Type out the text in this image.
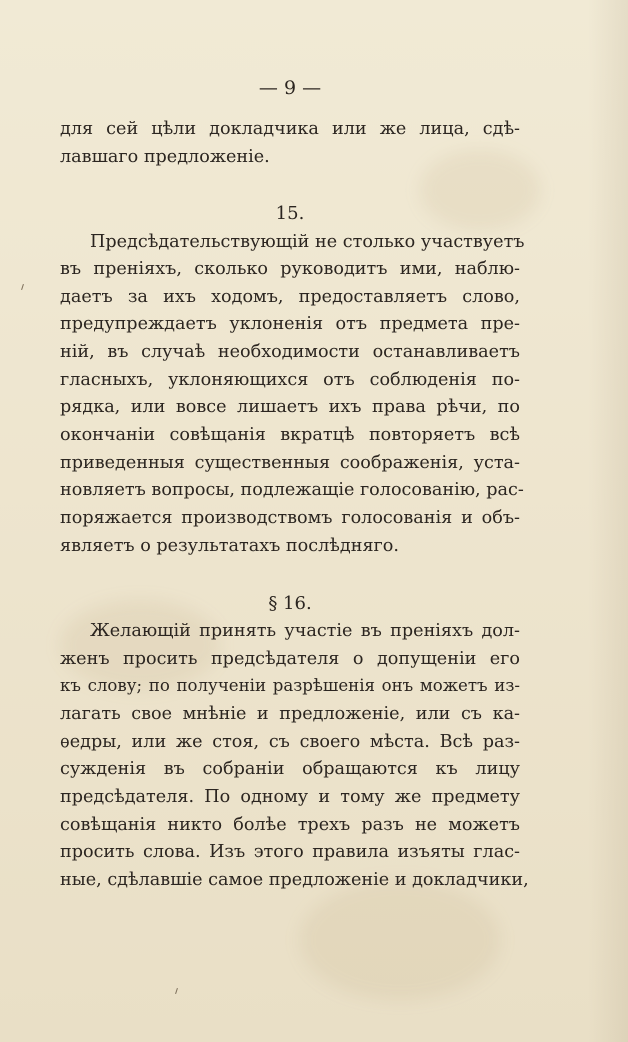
— 9 —
для сей цѣли докладчика или же лица, сдѣ-
лавшаго предложеніе.
15.
Предсѣдательствующій не столько участвуетъ
въ преніяхъ, сколько руководитъ ими, наблю-
даетъ за ихъ ходомъ, предоставляетъ слово,
предупреждаетъ уклоненія отъ предмета пре-
ній, въ случаѣ необходимости останавливаетъ
гласныхъ, уклоняющихся отъ соблюденія по-
рядка, или вовсе лишаетъ ихъ права рѣчи, по
окончаніи совѣщанія вкратцѣ повторяетъ всѣ
приведенныя существенныя соображенія, уста-
новляетъ вопросы, подлежащіе голосованію, рас-
поряжается производствомъ голосованія и объ-
являетъ о результатахъ послѣдняго.
§ 16.
Желающій принять участіе въ преніяхъ дол-
женъ просить предсѣдателя о допущеніи его
къ слову; по полученіи разрѣшенія онъ можетъ из-
лагать свое мнѣніе и предложеніе, или съ ка-
ѳедры, или же стоя, съ своего мѣста. Всѣ раз-
сужденія въ собраніи обращаются къ лицу
предсѣдателя. По одному и тому же предмету
совѣщанія никто болѣе трехъ разъ не можетъ
просить слова. Изъ этого правила изъяты глас-
ные, сдѣлавшіе самое предложеніе и докладчики,
